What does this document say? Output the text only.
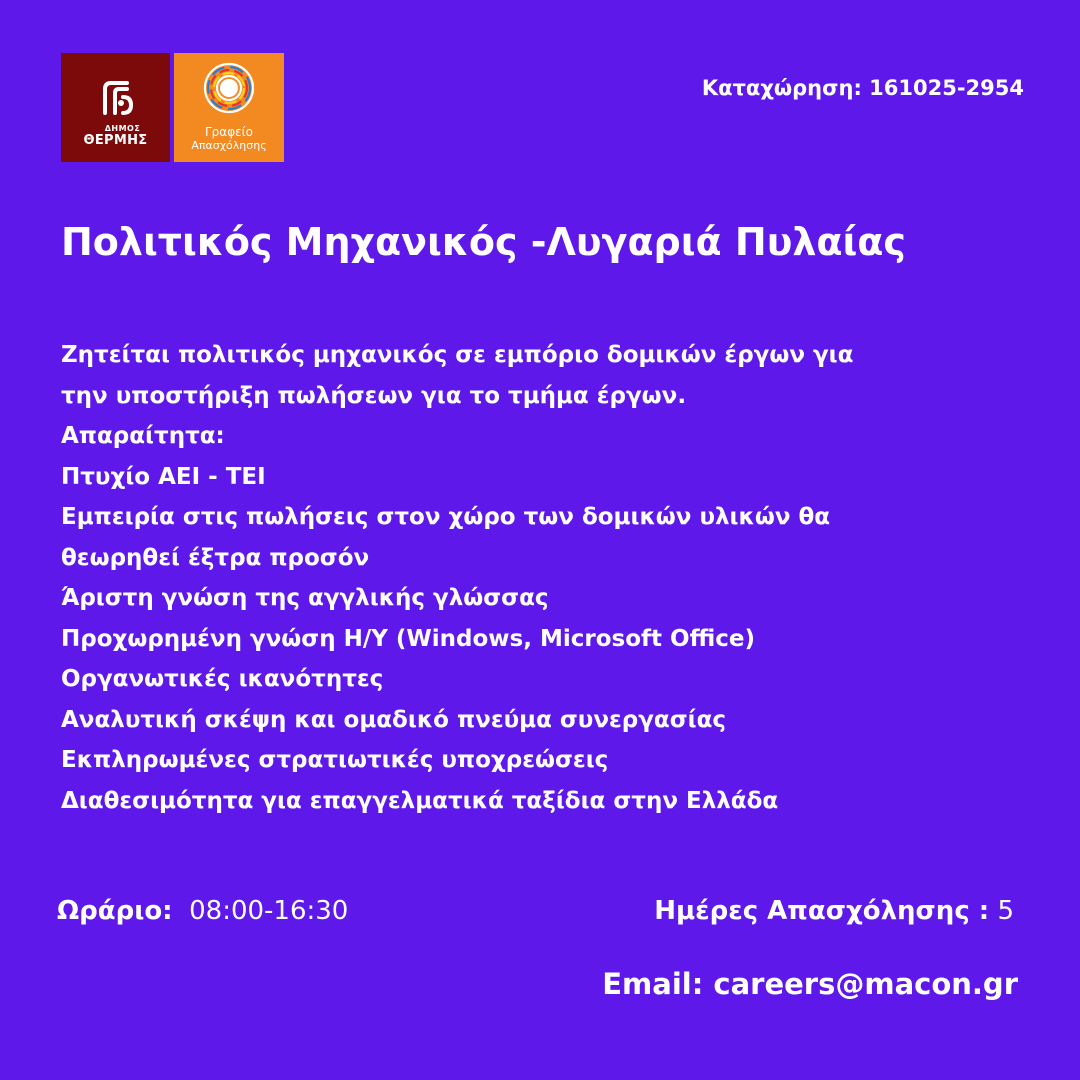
ΔΗΜΟΣ
ΘΕΡΜΗΣ
Γραφείο
Απασχόλησης
Καταχώρηση: 161025-2954
Πολιτικός Μηχανικός -Λυγαριά Πυλαίας
Ζητείται πολιτικός μηχανικός σε εμπόριο δομικών έργων για
την υποστήριξη πωλήσεων για το τμήμα έργων.
Απαραίτητα:
Πτυχίο ΑΕΙ - ΤΕΙ
Εμπειρία στις πωλήσεις στον χώρο των δομικών υλικών θα
θεωρηθεί έξτρα προσόν
Άριστη γνώση της αγγλικής γλώσσας
Προχωρημένη γνώση Η/Υ (Windows, Microsoft Office)
Οργανωτικές ικανότητες
Αναλυτική σκέψη και ομαδικό πνεύμα συνεργασίας
Εκπληρωμένες στρατιωτικές υποχρεώσεις
Διαθεσιμότητα για επαγγελματικά ταξίδια στην Ελλάδα
Ωράριο: 08:00-16:30	Ημέρες Απασχόλησης : 5
Email: careers@macon.gr
